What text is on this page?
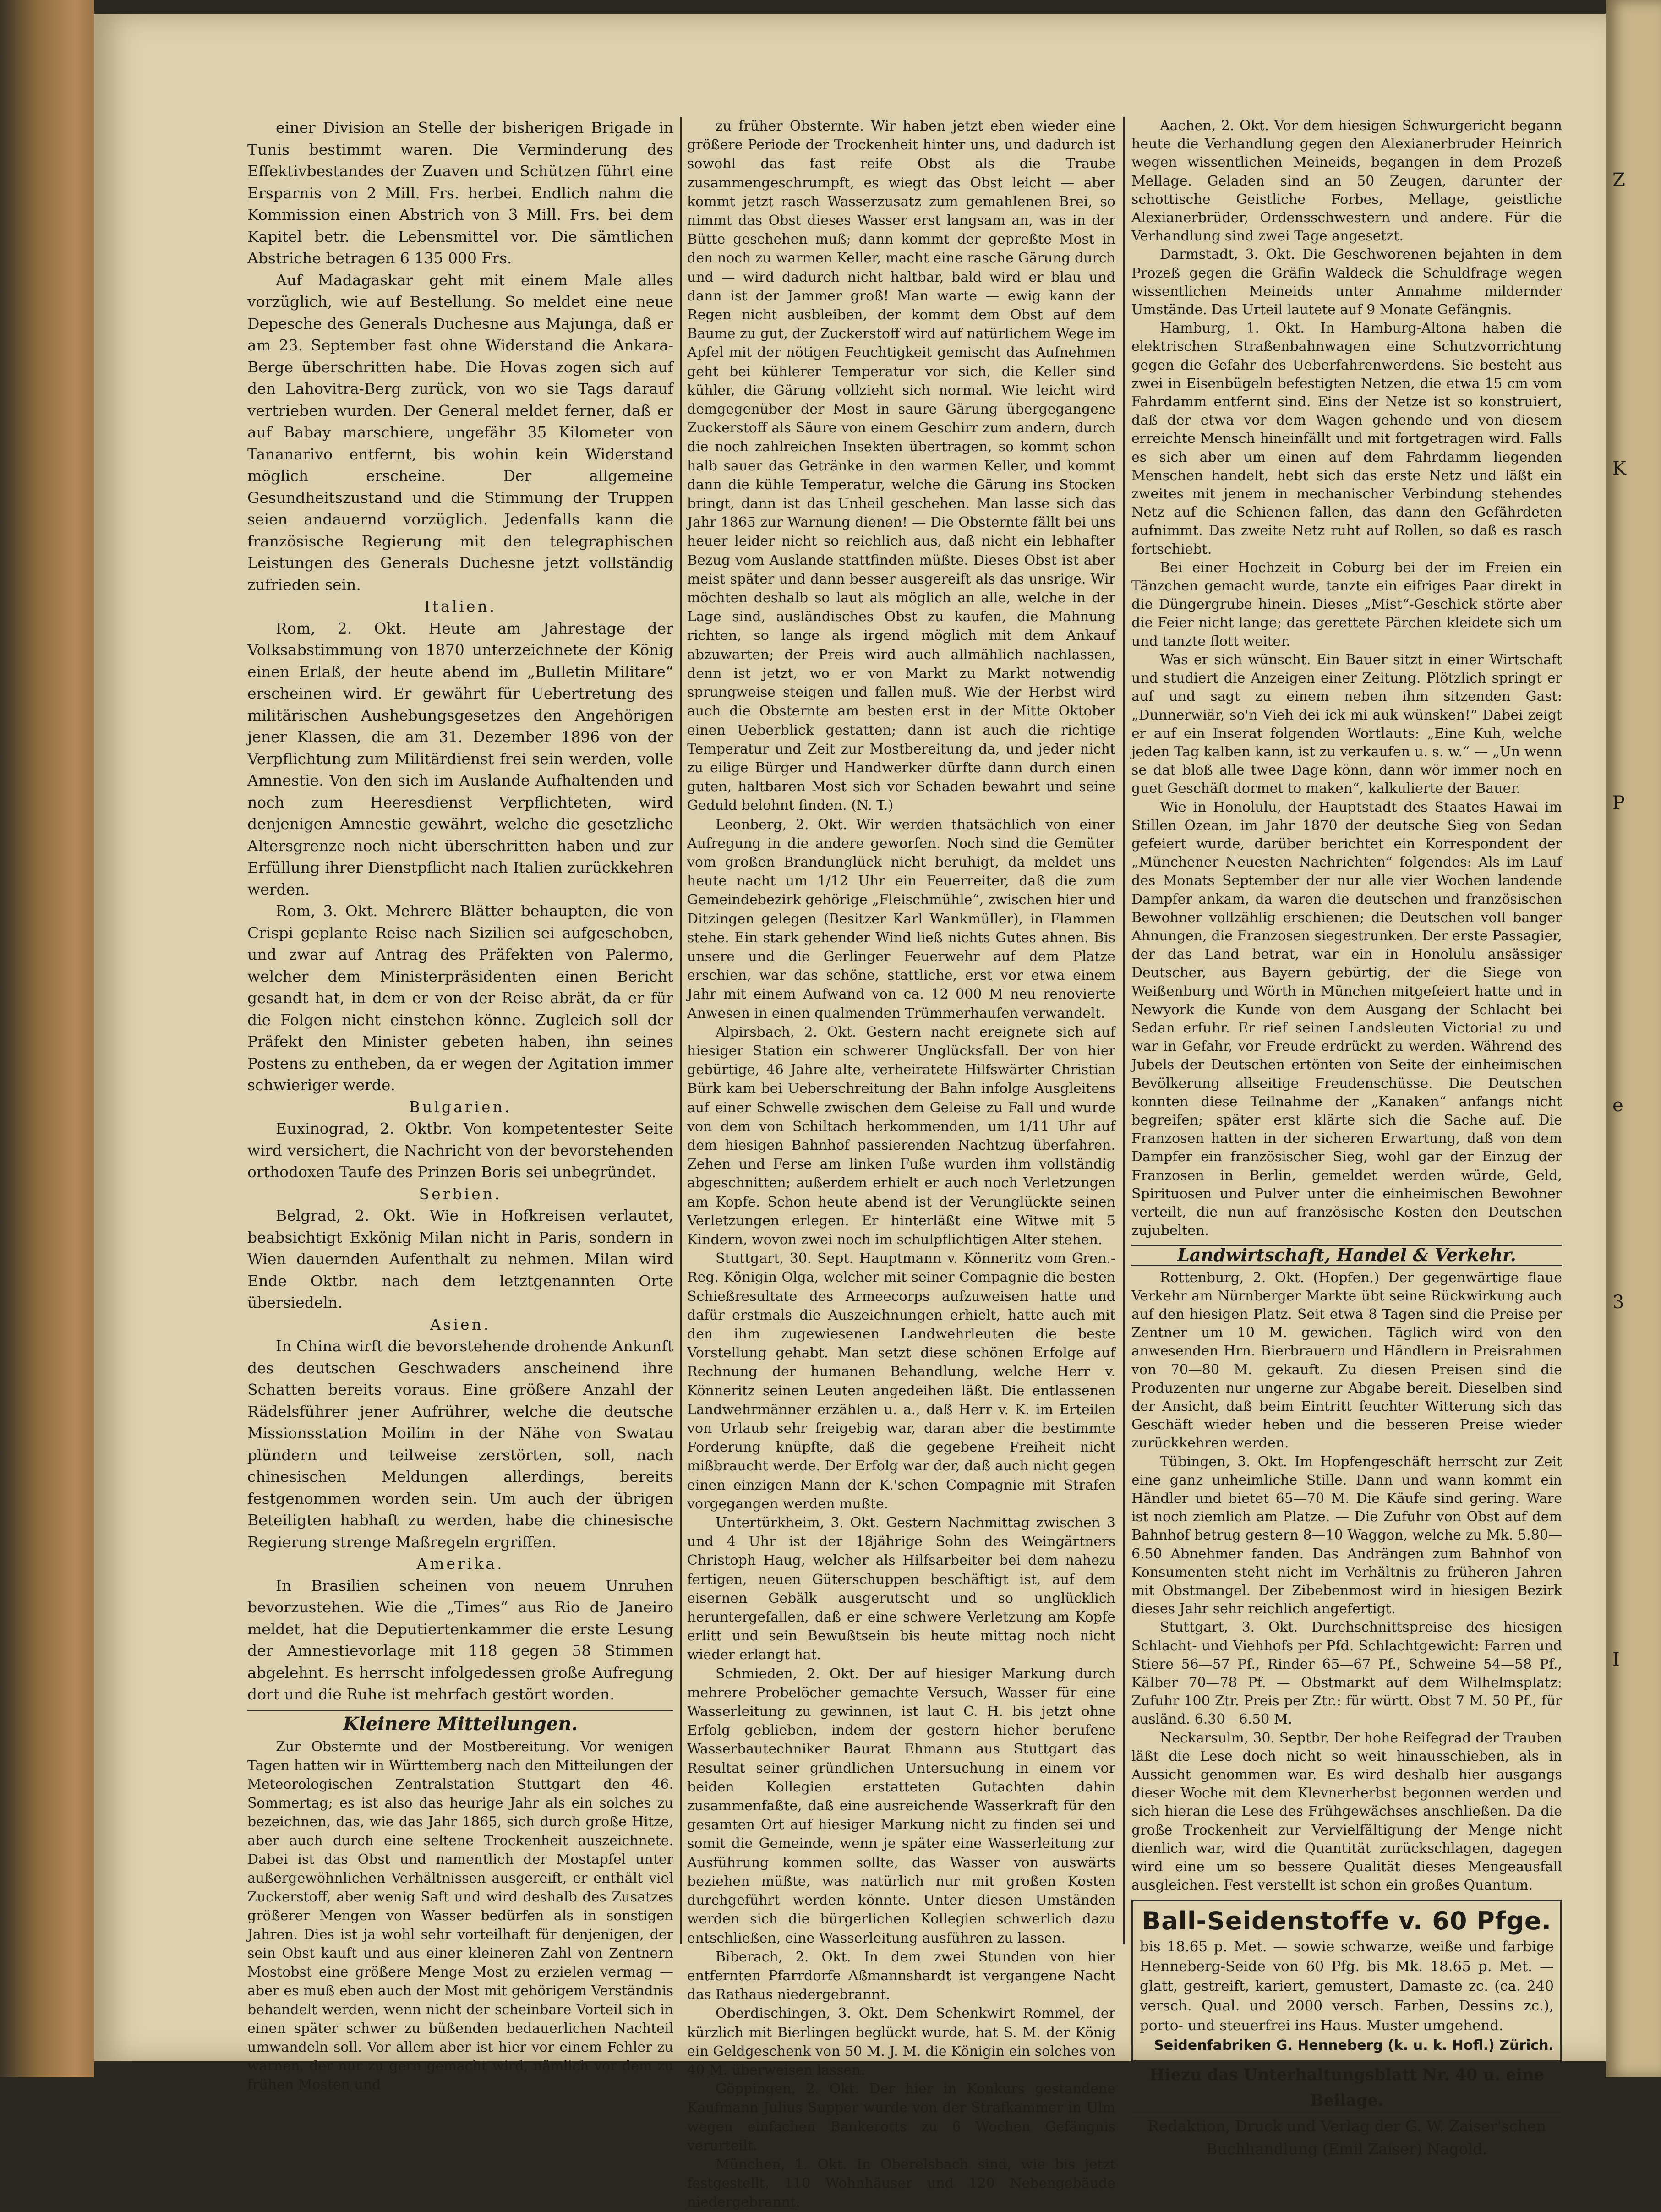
einer Division an Stelle der bisherigen Brigade in Tunis bestimmt waren. Die Verminderung des Effektivbestandes der Zuaven und Schützen führt eine Ersparnis von 2 Mill. Frs. herbei. Endlich nahm die Kommission einen Abstrich von 3 Mill. Frs. bei dem Kapitel betr. die Lebensmittel vor. Die sämtlichen Abstriche betragen 6 135 000 Frs.

Auf Madagaskar geht mit einem Male alles vorzüglich, wie auf Bestellung. So meldet eine neue Depesche des Generals Duchesne aus Majunga, daß er am 23. September fast ohne Widerstand die Ankara-Berge überschritten habe. Die Hovas zogen sich auf den Lahovitra-Berg zurück, von wo sie Tags darauf vertrieben wurden. Der General meldet ferner, daß er auf Babay marschiere, ungefähr 35 Kilometer von Tananarivo entfernt, bis wohin kein Widerstand möglich erscheine. Der allgemeine Gesundheitszustand und die Stimmung der Truppen seien andauernd vorzüglich. Jedenfalls kann die französische Regierung mit den telegraphischen Leistungen des Generals Duchesne jetzt vollständig zufrieden sein.

Italien.

Rom, 2. Okt. Heute am Jahrestage der Volksabstimmung von 1870 unterzeichnete der König einen Erlaß, der heute abend im „Bulletin Militare“ erscheinen wird. Er gewährt für Uebertretung des militärischen Aushebungsgesetzes den Angehörigen jener Klassen, die am 31. Dezember 1896 von der Verpflichtung zum Militärdienst frei sein werden, volle Amnestie. Von den sich im Auslande Aufhaltenden und noch zum Heeresdienst Verpflichteten, wird denjenigen Amnestie gewährt, welche die gesetzliche Altersgrenze noch nicht überschritten haben und zur Erfüllung ihrer Dienstpflicht nach Italien zurückkehren werden.

Rom, 3. Okt. Mehrere Blätter behaupten, die von Crispi geplante Reise nach Sizilien sei aufgeschoben, und zwar auf Antrag des Präfekten von Palermo, welcher dem Ministerpräsidenten einen Bericht gesandt hat, in dem er von der Reise abrät, da er für die Folgen nicht einstehen könne. Zugleich soll der Präfekt den Minister gebeten haben, ihn seines Postens zu entheben, da er wegen der Agitation immer schwieriger werde.

Bulgarien.

Euxinograd, 2. Oktbr. Von kompetentester Seite wird versichert, die Nachricht von der bevorstehenden orthodoxen Taufe des Prinzen Boris sei unbegründet.

Serbien.

Belgrad, 2. Okt. Wie in Hofkreisen verlautet, beabsichtigt Exkönig Milan nicht in Paris, sondern in Wien dauernden Aufenthalt zu nehmen. Milan wird Ende Oktbr. nach dem letztgenannten Orte übersiedeln.

Asien.

In China wirft die bevorstehende drohende Ankunft des deutschen Geschwaders anscheinend ihre Schatten bereits voraus. Eine größere Anzahl der Rädelsführer jener Aufrührer, welche die deutsche Missionsstation Moilim in der Nähe von Swatau plündern und teilweise zerstörten, soll, nach chinesischen Meldungen allerdings, bereits festgenommen worden sein. Um auch der übrigen Beteiligten habhaft zu werden, habe die chinesische Regierung strenge Maßregeln ergriffen.

Amerika.

In Brasilien scheinen von neuem Unruhen bevorzustehen. Wie die „Times“ aus Rio de Janeiro meldet, hat die Deputiertenkammer die erste Lesung der Amnestievorlage mit 118 gegen 58 Stimmen abgelehnt. Es herrscht infolgedessen große Aufregung dort und die Ruhe ist mehrfach gestört worden.

Kleinere Mitteilungen.

Zur Obsternte und der Mostbereitung. Vor wenigen Tagen hatten wir in Württemberg nach den Mitteilungen der Meteorologischen Zentralstation Stuttgart den 46. Sommertag; es ist also das heurige Jahr als ein solches zu bezeichnen, das, wie das Jahr 1865, sich durch große Hitze, aber auch durch eine seltene Trockenheit auszeichnete. Dabei ist das Obst und namentlich der Mostapfel unter außergewöhnlichen Verhältnissen ausgereift, er enthält viel Zuckerstoff, aber wenig Saft und wird deshalb des Zusatzes größerer Mengen von Wasser bedürfen als in sonstigen Jahren. Dies ist ja wohl sehr vorteilhaft für denjenigen, der sein Obst kauft und aus einer kleineren Zahl von Zentnern Mostobst eine größere Menge Most zu erzielen vermag — aber es muß eben auch der Most mit gehörigem Verständnis behandelt werden, wenn nicht der scheinbare Vorteil sich in einen später schwer zu büßenden bedauerlichen Nachteil umwandeln soll. Vor allem aber ist hier vor einem Fehler zu warnen, der nur zu gern gemacht wird, nämlich vor dem zu frühen Mosten und

zu früher Obsternte. Wir haben jetzt eben wieder eine größere Periode der Trockenheit hinter uns, und dadurch ist sowohl das fast reife Obst als die Traube zusammengeschrumpft, es wiegt das Obst leicht — aber kommt jetzt rasch Wasserzusatz zum gemahlenen Brei, so nimmt das Obst dieses Wasser erst langsam an, was in der Bütte geschehen muß; dann kommt der gepreßte Most in den noch zu warmen Keller, macht eine rasche Gärung durch und — wird dadurch nicht haltbar, bald wird er blau und dann ist der Jammer groß! Man warte — ewig kann der Regen nicht ausbleiben, der kommt dem Obst auf dem Baume zu gut, der Zuckerstoff wird auf natürlichem Wege im Apfel mit der nötigen Feuchtigkeit gemischt das Aufnehmen geht bei kühlerer Temperatur vor sich, die Keller sind kühler, die Gärung vollzieht sich normal. Wie leicht wird demgegenüber der Most in saure Gärung übergegangene Zuckerstoff als Säure von einem Geschirr zum andern, durch die noch zahlreichen Insekten übertragen, so kommt schon halb sauer das Getränke in den warmen Keller, und kommt dann die kühle Temperatur, welche die Gärung ins Stocken bringt, dann ist das Unheil geschehen. Man lasse sich das Jahr 1865 zur Warnung dienen! — Die Obsternte fällt bei uns heuer leider nicht so reichlich aus, daß nicht ein lebhafter Bezug vom Auslande stattfinden müßte. Dieses Obst ist aber meist später und dann besser ausgereift als das unsrige. Wir möchten deshalb so laut als möglich an alle, welche in der Lage sind, ausländisches Obst zu kaufen, die Mahnung richten, so lange als irgend möglich mit dem Ankauf abzuwarten; der Preis wird auch allmählich nachlassen, denn ist jetzt, wo er von Markt zu Markt notwendig sprungweise steigen und fallen muß. Wie der Herbst wird auch die Obsternte am besten erst in der Mitte Oktober einen Ueberblick gestatten; dann ist auch die richtige Temperatur und Zeit zur Mostbereitung da, und jeder nicht zu eilige Bürger und Handwerker dürfte dann durch einen guten, haltbaren Most sich vor Schaden bewahrt und seine Geduld belohnt finden. (N. T.)

Leonberg, 2. Okt. Wir werden thatsächlich von einer Aufregung in die andere geworfen. Noch sind die Gemüter vom großen Brandunglück nicht beruhigt, da meldet uns heute nacht um 1/12 Uhr ein Feuerreiter, daß die zum Gemeindebezirk gehörige „Fleischmühle“, zwischen hier und Ditzingen gelegen (Besitzer Karl Wankmüller), in Flammen stehe. Ein stark gehender Wind ließ nichts Gutes ahnen. Bis unsere und die Gerlinger Feuerwehr auf dem Platze erschien, war das schöne, stattliche, erst vor etwa einem Jahr mit einem Aufwand von ca. 12 000 M neu renovierte Anwesen in einen qualmenden Trümmerhaufen verwandelt.

Alpirsbach, 2. Okt. Gestern nacht ereignete sich auf hiesiger Station ein schwerer Unglücksfall. Der von hier gebürtige, 46 Jahre alte, verheiratete Hilfswärter Christian Bürk kam bei Ueberschreitung der Bahn infolge Ausgleitens auf einer Schwelle zwischen dem Geleise zu Fall und wurde von dem von Schiltach herkommenden, um 1/11 Uhr auf dem hiesigen Bahnhof passierenden Nachtzug überfahren. Zehen und Ferse am linken Fuße wurden ihm vollständig abgeschnitten; außerdem erhielt er auch noch Verletzungen am Kopfe. Schon heute abend ist der Verunglückte seinen Verletzungen erlegen. Er hinterläßt eine Witwe mit 5 Kindern, wovon zwei noch im schulpflichtigen Alter stehen.

Stuttgart, 30. Sept. Hauptmann v. Könneritz vom Gren.-Reg. Königin Olga, welcher mit seiner Compagnie die besten Schießresultate des Armeecorps aufzuweisen hatte und dafür erstmals die Auszeichnungen erhielt, hatte auch mit den ihm zugewiesenen Landwehrleuten die beste Vorstellung gehabt. Man setzt diese schönen Erfolge auf Rechnung der humanen Behandlung, welche Herr v. Könneritz seinen Leuten angedeihen läßt. Die entlassenen Landwehrmänner erzählen u. a., daß Herr v. K. im Erteilen von Urlaub sehr freigebig war, daran aber die bestimmte Forderung knüpfte, daß die gegebene Freiheit nicht mißbraucht werde. Der Erfolg war der, daß auch nicht gegen einen einzigen Mann der K.'schen Compagnie mit Strafen vorgegangen werden mußte.

Untertürkheim, 3. Okt. Gestern Nachmittag zwischen 3 und 4 Uhr ist der 18jährige Sohn des Weingärtners Christoph Haug, welcher als Hilfsarbeiter bei dem nahezu fertigen, neuen Güterschuppen beschäftigt ist, auf dem eisernen Gebälk ausgerutscht und so unglücklich heruntergefallen, daß er eine schwere Verletzung am Kopfe erlitt und sein Bewußtsein bis heute mittag noch nicht wieder erlangt hat.

Schmieden, 2. Okt. Der auf hiesiger Markung durch mehrere Probelöcher gemachte Versuch, Wasser für eine Wasserleitung zu gewinnen, ist laut C. H. bis jetzt ohne Erfolg geblieben, indem der gestern hieher berufene Wasserbautechniker Baurat Ehmann aus Stuttgart das Resultat seiner gründlichen Untersuchung in einem vor beiden Kollegien erstatteten Gutachten dahin zusammenfaßte, daß eine ausreichende Wasserkraft für den gesamten Ort auf hiesiger Markung nicht zu finden sei und somit die Gemeinde, wenn je später eine Wasserleitung zur Ausführung kommen sollte, das Wasser von auswärts beziehen müßte, was natürlich nur mit großen Kosten durchgeführt werden könnte. Unter diesen Umständen werden sich die bürgerlichen Kollegien schwerlich dazu entschließen, eine Wasserleitung ausführen zu lassen.

Biberach, 2. Okt. In dem zwei Stunden von hier entfernten Pfarrdorfe Aßmannshardt ist vergangene Nacht das Rathaus niedergebrannt.

Oberdischingen, 3. Okt. Dem Schenkwirt Rommel, der kürzlich mit Bierlingen beglückt wurde, hat S. M. der König ein Geldgeschenk von 50 M. J. M. die Königin ein solches von 40 M. überweisen lassen.

Göppingen, 2. Okt. Der hier in Konkurs gestandene Kaufmann Julius Supper wurde von der Strafkammer in Ulm wegen einfachen Bankerotts zu 6 Wochen Gefängnis verurteilt.

München, 1. Okt. In Oberelsbach sind, wie bis jetzt festgestellt, 110 Wohnhäuser und 120 Nebengebäude niedergebrannt.

Aachen, 2. Okt. Vor dem hiesigen Schwurgericht begann heute die Verhandlung gegen den Alexianerbruder Heinrich wegen wissentlichen Meineids, begangen in dem Prozeß Mellage. Geladen sind an 50 Zeugen, darunter der schottische Geistliche Forbes, Mellage, geistliche Alexianerbrüder, Ordensschwestern und andere. Für die Verhandlung sind zwei Tage angesetzt.

Darmstadt, 3. Okt. Die Geschworenen bejahten in dem Prozeß gegen die Gräfin Waldeck die Schuldfrage wegen wissentlichen Meineids unter Annahme mildernder Umstände. Das Urteil lautete auf 9 Monate Gefängnis.

Hamburg, 1. Okt. In Hamburg-Altona haben die elektrischen Straßenbahnwagen eine Schutzvorrichtung gegen die Gefahr des Ueberfahrenwerdens. Sie besteht aus zwei in Eisenbügeln befestigten Netzen, die etwa 15 cm vom Fahrdamm entfernt sind. Eins der Netze ist so konstruiert, daß der etwa vor dem Wagen gehende und von diesem erreichte Mensch hineinfällt und mit fortgetragen wird. Falls es sich aber um einen auf dem Fahrdamm liegenden Menschen handelt, hebt sich das erste Netz und läßt ein zweites mit jenem in mechanischer Verbindung stehendes Netz auf die Schienen fallen, das dann den Gefährdeten aufnimmt. Das zweite Netz ruht auf Rollen, so daß es rasch fortschiebt.

Bei einer Hochzeit in Coburg bei der im Freien ein Tänzchen gemacht wurde, tanzte ein eifriges Paar direkt in die Düngergrube hinein. Dieses „Mist“-Geschick störte aber die Feier nicht lange; das gerettete Pärchen kleidete sich um und tanzte flott weiter.

Was er sich wünscht. Ein Bauer sitzt in einer Wirtschaft und studiert die Anzeigen einer Zeitung. Plötzlich springt er auf und sagt zu einem neben ihm sitzenden Gast: „Dunnerwiär, so'n Vieh dei ick mi auk wünsken!“ Dabei zeigt er auf ein Inserat folgenden Wortlauts: „Eine Kuh, welche jeden Tag kalben kann, ist zu verkaufen u. s. w.“ — „Un wenn se dat bloß alle twee Dage könn, dann wör immer noch en guet Geschäft dormet to maken“, kalkulierte der Bauer.

Wie in Honolulu, der Hauptstadt des Staates Hawai im Stillen Ozean, im Jahr 1870 der deutsche Sieg von Sedan gefeiert wurde, darüber berichtet ein Korrespondent der „Münchener Neuesten Nachrichten“ folgendes: Als im Lauf des Monats September der nur alle vier Wochen landende Dampfer ankam, da waren die deutschen und französischen Bewohner vollzählig erschienen; die Deutschen voll banger Ahnungen, die Franzosen siegestrunken. Der erste Passagier, der das Land betrat, war ein in Honolulu ansässiger Deutscher, aus Bayern gebürtig, der die Siege von Weißenburg und Wörth in München mitgefeiert hatte und in Newyork die Kunde von dem Ausgang der Schlacht bei Sedan erfuhr. Er rief seinen Landsleuten Victoria! zu und war in Gefahr, vor Freude erdrückt zu werden. Während des Jubels der Deutschen ertönten von Seite der einheimischen Bevölkerung allseitige Freudenschüsse. Die Deutschen konnten diese Teilnahme der „Kanaken“ anfangs nicht begreifen; später erst klärte sich die Sache auf. Die Franzosen hatten in der sicheren Erwartung, daß von dem Dampfer ein französischer Sieg, wohl gar der Einzug der Franzosen in Berlin, gemeldet werden würde, Geld, Spirituosen und Pulver unter die einheimischen Bewohner verteilt, die nun auf französische Kosten den Deutschen zujubelten.

Landwirtschaft, Handel & Verkehr.

Rottenburg, 2. Okt. (Hopfen.) Der gegenwärtige flaue Verkehr am Nürnberger Markte übt seine Rückwirkung auch auf den hiesigen Platz. Seit etwa 8 Tagen sind die Preise per Zentner um 10 M. gewichen. Täglich wird von den anwesenden Hrn. Bierbrauern und Händlern in Preisrahmen von 70—80 M. gekauft. Zu diesen Preisen sind die Produzenten nur ungerne zur Abgabe bereit. Dieselben sind der Ansicht, daß beim Eintritt feuchter Witterung sich das Geschäft wieder heben und die besseren Preise wieder zurückkehren werden.

Tübingen, 3. Okt. Im Hopfengeschäft herrscht zur Zeit eine ganz unheimliche Stille. Dann und wann kommt ein Händler und bietet 65—70 M. Die Käufe sind gering. Ware ist noch ziemlich am Platze. — Die Zufuhr von Obst auf dem Bahnhof betrug gestern 8—10 Waggon, welche zu Mk. 5.80—6.50 Abnehmer fanden. Das Andrängen zum Bahnhof von Konsumenten steht nicht im Verhältnis zu früheren Jahren mit Obstmangel. Der Zibebenmost wird in hiesigen Bezirk dieses Jahr sehr reichlich angefertigt.

Stuttgart, 3. Okt. Durchschnittspreise des hiesigen Schlacht- und Viehhofs per Pfd. Schlachtgewicht: Farren und Stiere 56—57 Pf., Rinder 65—67 Pf., Schweine 54—58 Pf., Kälber 70—78 Pf. — Obstmarkt auf dem Wilhelmsplatz: Zufuhr 100 Ztr. Preis per Ztr.: für württ. Obst 7 M. 50 Pf., für ausländ. 6.30—6.50 M.

Neckarsulm, 30. Septbr. Der hohe Reifegrad der Trauben läßt die Lese doch nicht so weit hinausschieben, als in Aussicht genommen war. Es wird deshalb hier ausgangs dieser Woche mit dem Klevnerherbst begonnen werden und sich hieran die Lese des Frühgewächses anschließen. Da die große Trockenheit zur Vervielfältigung der Menge nicht dienlich war, wird die Quantität zurückschlagen, dagegen wird eine um so bessere Qualität dieses Mengeausfall ausgleichen. Fest verstellt ist schon ein großes Quantum.

Ball-Seidenstoffe v. 60 Pfge.
bis 18.65 p. Met. — sowie schwarze, weiße und farbige Henneberg-Seide von 60 Pfg. bis Mk. 18.65 p. Met. — glatt, gestreift, kariert, gemustert, Damaste zc. (ca. 240 versch. Qual. und 2000 versch. Farben, Dessins zc.), porto- und steuerfrei ins Haus. Muster umgehend.
Seidenfabriken G. Henneberg (k. u. k. Hofl.) Zürich.
Hiezu das Unterhaltungsblatt Nr. 40 u. eine Beilage.
Redaktion, Druck und Verlag der G. W. Zaiser'schen Buchhandlung (Emil Zaiser) Nagold.
Z
K
P
e
3
I
